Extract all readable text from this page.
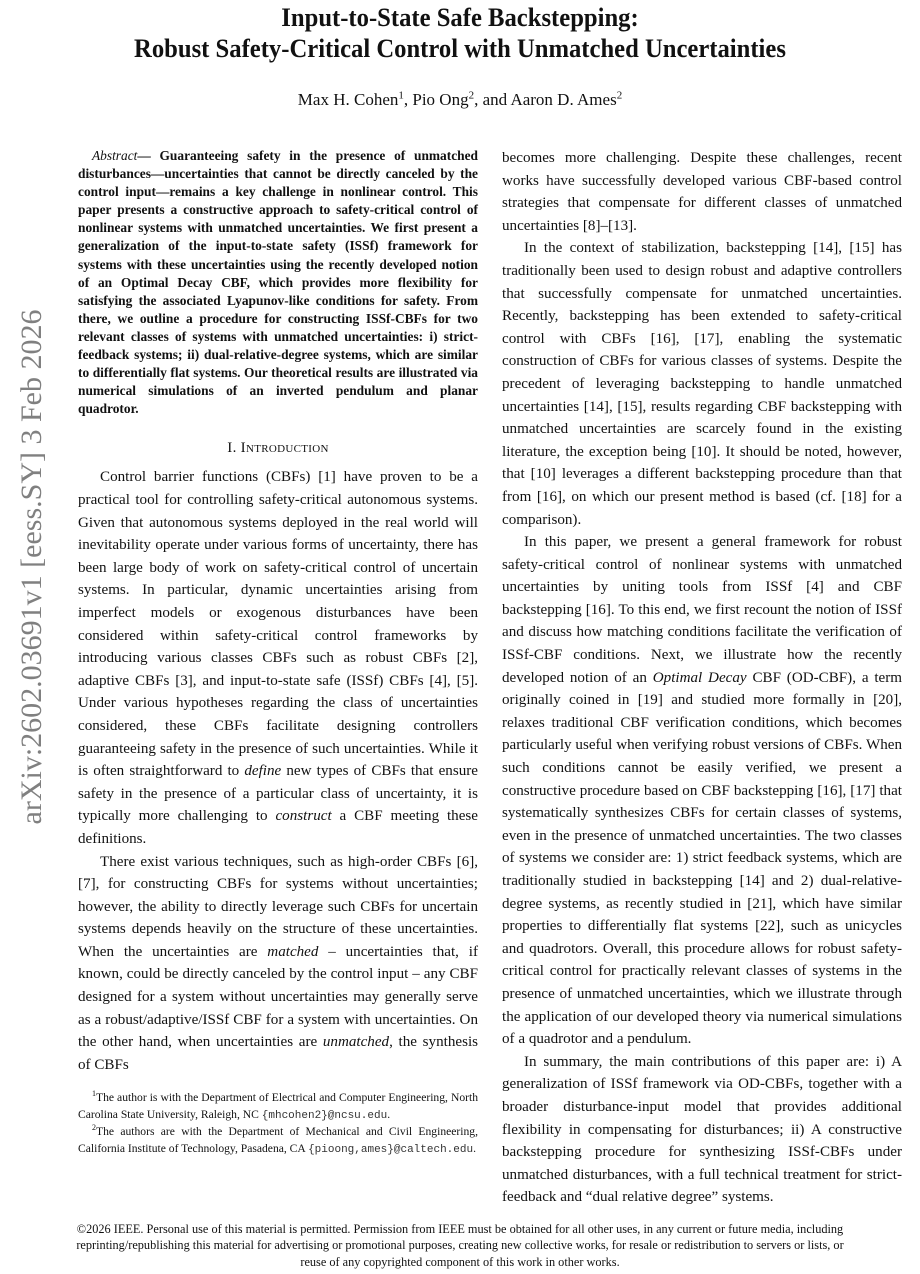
arXiv:2602.03691v1 [eess.SY] 3 Feb 2026
Input-to-State Safe Backstepping:
Robust Safety-Critical Control with Unmatched Uncertainties
Max H. Cohen$^1$, Pio Ong$^2$, and Aaron D. Ames$^2$
Abstract— Guaranteeing safety in the presence of unmatched disturbances—uncertainties that cannot be directly canceled by the control input—remains a key challenge in nonlinear control. This paper presents a constructive approach to safety-critical control of nonlinear systems with unmatched uncertainties. We first present a generalization of the input-to-state safety (ISSf) framework for systems with these uncertainties using the recently developed notion of an Optimal Decay CBF, which provides more flexibility for satisfying the associated Lyapunov-like conditions for safety. From there, we outline a procedure for constructing ISSf-CBFs for two relevant classes of systems with unmatched uncertainties: i) strict-feedback systems; ii) dual-relative-degree systems, which are similar to differentially flat systems. Our theoretical results are illustrated via numerical simulations of an inverted pendulum and planar quadrotor.
I. Introduction

Control barrier functions (CBFs) [1] have proven to be a practical tool for controlling safety-critical autonomous systems. Given that autonomous systems deployed in the real world will inevitability operate under various forms of uncertainty, there has been large body of work on safety-critical control of uncertain systems. In particular, dynamic uncertainties arising from imperfect models or exogenous disturbances have been considered within safety-critical control frameworks by introducing various classes CBFs such as robust CBFs [2], adaptive CBFs [3], and input-to-state safe (ISSf) CBFs [4], [5]. Under various hypotheses regarding the class of uncertainties considered, these CBFs facilitate designing controllers guaranteeing safety in the presence of such uncertainties. While it is often straightforward to define new types of CBFs that ensure safety in the presence of a particular class of uncertainty, it is typically more challenging to construct a CBF meeting these definitions.

There exist various techniques, such as high-order CBFs [6], [7], for constructing CBFs for systems without uncertainties; however, the ability to directly leverage such CBFs for uncertain systems depends heavily on the structure of these uncertainties. When the uncertainties are matched – uncertainties that, if known, could be directly canceled by the control input – any CBF designed for a system without uncertainties may generally serve as a robust/adaptive/ISSf CBF for a system with uncertainties. On the other hand, when uncertainties are unmatched, the synthesis of CBFs

$^1$The author is with the Department of Electrical and Computer Engineering, North Carolina State University, Raleigh, NC {mhcohen2}@ncsu.edu.
$^2$The authors are with the Department of Mechanical and Civil Engineering, California Institute of Technology, Pasadena, CA {pioong,ames}@caltech.edu.

becomes more challenging. Despite these challenges, recent works have successfully developed various CBF-based control strategies that compensate for different classes of unmatched uncertainties [8]–[13].

In the context of stabilization, backstepping [14], [15] has traditionally been used to design robust and adaptive controllers that successfully compensate for unmatched uncertainties. Recently, backstepping has been extended to safety-critical control with CBFs [16], [17], enabling the systematic construction of CBFs for various classes of systems. Despite the precedent of leveraging backstepping to handle unmatched uncertainties [14], [15], results regarding CBF backstepping with unmatched uncertainties are scarcely found in the existing literature, the exception being [10]. It should be noted, however, that [10] leverages a different backstepping procedure than that from [16], on which our present method is based (cf. [18] for a comparison).

In this paper, we present a general framework for robust safety-critical control of nonlinear systems with unmatched uncertainties by uniting tools from ISSf [4] and CBF backstepping [16]. To this end, we first recount the notion of ISSf and discuss how matching conditions facilitate the verification of ISSf-CBF conditions. Next, we illustrate how the recently developed notion of an Optimal Decay CBF (OD-CBF), a term originally coined in [19] and studied more formally in [20], relaxes traditional CBF verification conditions, which becomes particularly useful when verifying robust versions of CBFs. When such conditions cannot be easily verified, we present a constructive procedure based on CBF backstepping [16], [17] that systematically synthesizes CBFs for certain classes of systems, even in the presence of unmatched uncertainties. The two classes of systems we consider are: 1) strict feedback systems, which are traditionally studied in backstepping [14] and 2) dual-relative-degree systems, as recently studied in [21], which have similar properties to differentially flat systems [22], such as unicycles and quadrotors. Overall, this procedure allows for robust safety-critical control for practically relevant classes of systems in the presence of unmatched uncertainties, which we illustrate through the application of our developed theory via numerical simulations of a quadrotor and a pendulum.

In summary, the main contributions of this paper are: i) A generalization of ISSf framework via OD-CBFs, together with a broader disturbance-input model that provides additional flexibility in compensating for disturbances; ii) A constructive backstepping procedure for synthesizing ISSf-CBFs under unmatched disturbances, with a full technical treatment for strict-feedback and “dual relative degree” systems.

©2026 IEEE. Personal use of this material is permitted. Permission from IEEE must be obtained for all other uses, in any current or future media, including reprinting/republishing this material for advertising or promotional purposes, creating new collective works, for resale or redistribution to servers or lists, or reuse of any copyrighted component of this work in other works.
